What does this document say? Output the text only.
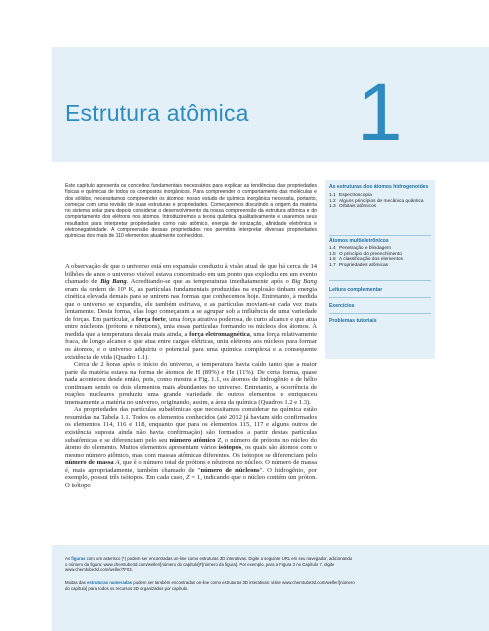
Estrutura atômica 1

Este capítulo apresenta os conceitos fundamentais necessários para explicar as tendências das propriedades físicas e químicas de todos os compostos inorgânicos. Para compreender o comportamento das moléculas e dos sólidos, necessitamos compreender os átomos: nosso estudo de química inorgânica necessita, portanto, começar com uma revisão de suas estruturas e propriedades. Começaremos discutindo a origem da matéria no sistema solar para depois considerar o desenvolvimento da nossa compreensão da estrutura atômica e do comportamento dos elétrons nos átomos. Introduziremos a teoria quântica qualitativamente e usaremos seus resultados para interpretar propriedades como raio atômico, energia de ionização, afinidade eletrônica e eletronegatividade. A compreensão dessas propriedades nos permitirá interpretar diversas propriedades químicas dos mais de 110 elementos atualmente conhecidos.

A observação de que o universo está em expansão conduziu à visão atual de que há cerca de 14 bilhões de anos o universo visível estava concentrado em um ponto que explodiu em um evento chamado de Big Bang. Acreditando-se que as temperaturas imediatamente após o Big Bang eram da ordem de 10⁹ K, as partículas fundamentais produzidas na explosão tinham energia cinética elevada demais para se unirem nas formas que conhecemos hoje. Entretanto, à medida que o universo se expandiu, ele também esfriava, e as partículas moviam-se cada vez mais lentamente. Desta forma, elas logo começaram a se agrupar sob a influência de uma variedade de forças. Em particular, a força forte, uma força atrativa poderosa, de curto alcance e que atua entre núcleons (prótons e nêutrons), unia essas partículas formando os núcleos dos átomos. À medida que a temperatura decaía mais ainda, a força eletromagnética, uma força relativamente fraca, de longo alcance e que atua entre cargas elétricas, uniu elétrons aos núcleos para formar os átomos, e o universo adquiriu o potencial para uma química complexa e a consequente existência de vida (Quadro 1.1).

Cerca de 2 horas após o início do universo, a temperatura havia caído tanto que a maior parte da matéria estava na forma de átomos de H (89%) e He (11%). De certa forma, quase nada aconteceu desde então, pois, como mostra a Fig. 1.1, os átomos de hidrogênio e de hélio continuam sendo os dois elementos mais abundantes no universo. Entretanto, a ocorrência de reações nucleares produziu uma grande variedade de outros elementos e enriqueceu imensamente a matéria no universo, originando, assim, a área da química (Quadros 1.2 e 1.3).

As propriedades das partículas subatômicas que necessitamos considerar na química estão resumidas na Tabela 1.1. Todos os elementos conhecidos (até 2012 já haviam sido confirmados os elementos 114, 116 e 118, enquanto que para os elementos 115, 117 e alguns outros de existência suposta ainda não havia confirmação) são formados a partir destas partículas subatômicas e se diferenciam pelo seu número atômico Z, o número de prótons no núcleo do átomo do elemento. Muitos elementos apresentam vários isótopos, os quais são átomos com o mesmo número atômico, mas com massas atômicas diferentes. Os isótopos se diferenciam pelo número de massa A, que é o número total de prótons e nêutrons no núcleo. O número de massa é, mais apropriadamente, também chamado de "número de núcleons". O hidrogênio, por exemplo, possui três isótopos. Em cada caso, Z = 1, indicando que o núcleo contém um próton. O isótopo

As estruturas dos átomos hidrogenoides
1.1 Espectroscopia
1.2 Alguns princípios de mecânica quântica
1.3 Orbitais atômicos
Átomos multieletrônicos
1.4 Penetração e blindagem
1.5 O princípio do preenchimento
1.6 A classificação dos elementos
1.7 Propriedades atômicas
Leitura complementar
Exercícios
Problemas tutoriais

As figuras com um asterisco (*) podem ser encontradas on-line como estruturas 3D interativas. Digite a seguinte URL em seu navegador, adicionando o número da figura: www.chemtube3d.com/weller/[número do capítulo]F[número da figura]. Por exemplo, para a Figura 3 no Capítulo 7, digite www.chemtube3d.com/weller/7F03.

Muitas das estruturas numeradas podem ser também encontradas on-line como estruturas 3D interativas: visite www.chemtube3d.com/weller/[número do capítulo] para todos os recursos 3D organizados por capítulo.
